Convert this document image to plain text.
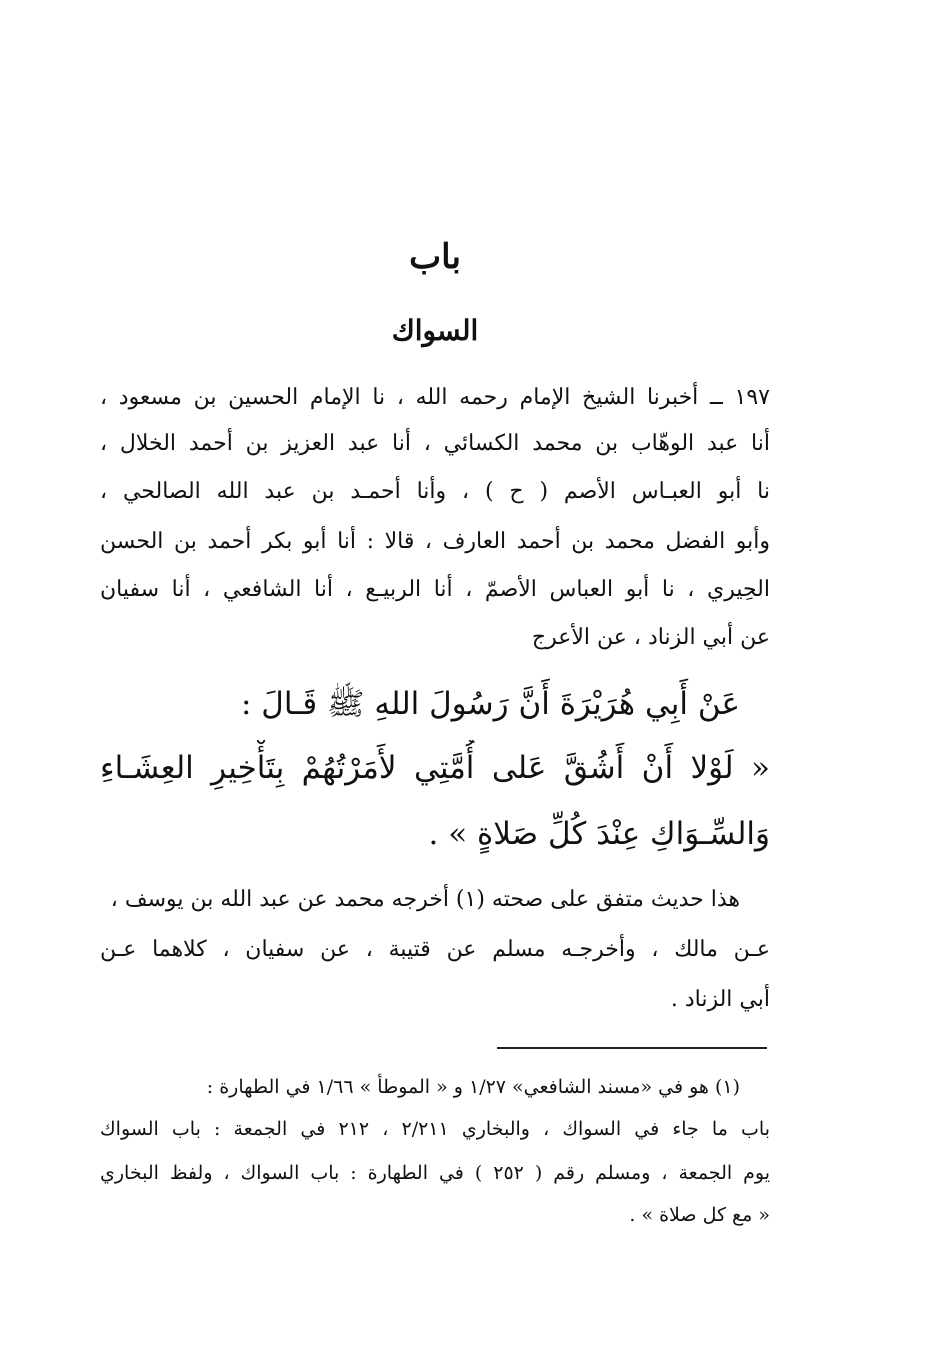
باب
السواك
١٩٧ ــ أخبرنا الشيخ الإمام رحمه الله ، نا الإمام الحسين بن مسعود ،
أنا عبد الوهّاب بن محمد الكسائي ، أنا عبد العزيز بن أحمد الخلال ،
نا أبو العبـاس الأصم ( ح ) ، وأنا أحمـد بن عبد الله الصالحي ،
وأبو الفضل محمد بن أحمد العارف ، قالا : أنا أبو بكر أحمد بن الحسن
الحِيري ، نا أبو العباس الأصمّ ، أنا الربيـع ، أنا الشافعي ، أنا سفيان
عن أبي الزناد ، عن الأعرج
عَنْ أَبِي هُرَيْرَةَ أَنَّ رَسُولَ اللهِ ﷺ قَـالَ :
« لَوْلا أَنْ أَشُقَّ عَلى أُمَّتِي لأَمَرْتُهُمْ بِتَأْخِيرِ العِشَـاءِ
وَالسِّـوَاكِ عِنْدَ كُلِّ صَلاةٍ » .
هذا حديث متفق على صحته (١) أخرجه محمد عن عبد الله بن يوسف ،
عـن مالك ، وأخرجـه مسلم عن قتيبة ، عن سفيان ، كلاهما عـن
أبي الزناد .
(١) هو في «مسند الشافعي» ١/٢٧ و « الموطأ » ١/٦٦ في الطهارة :
باب ما جاء في السواك ، والبخاري ٢/٢١١ ، ٢١٢ في الجمعة : باب السواك
يوم الجمعة ، ومسلم رقم ( ٢٥٢ ) في الطهارة : باب السواك ، ولفظ البخاري
« مع كل صلاة » .
